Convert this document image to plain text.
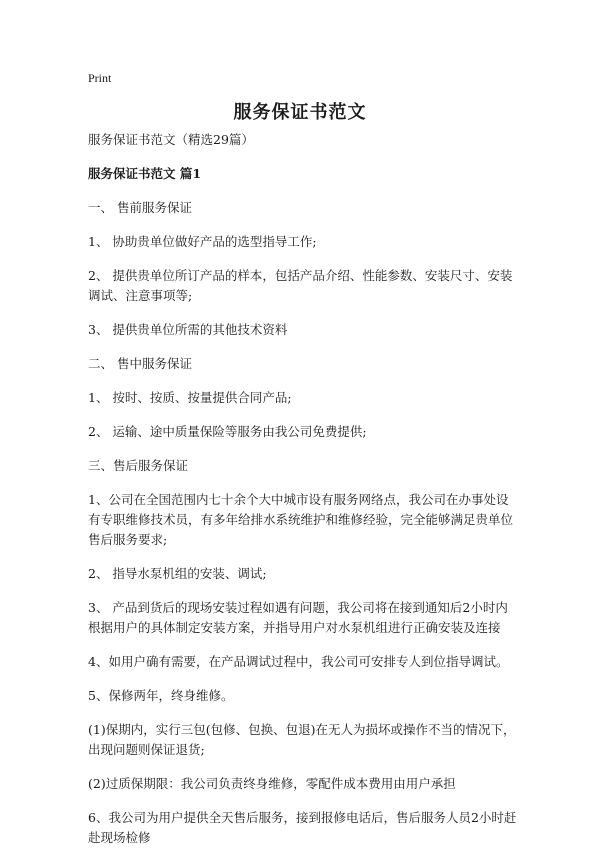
Print
服务保证书范文

服务保证书范文（精选29篇）

服务保证书范文 篇1

一、 售前服务保证

1、 协助贵单位做好产品的选型指导工作;

2、 提供贵单位所订产品的样本，包括产品介绍、性能参数、安装尺寸、安装调试、注意事项等;

3、 提供贵单位所需的其他技术资料

二、 售中服务保证

1、 按时、按质、按量提供合同产品;

2、 运输、途中质量保险等服务由我公司免费提供;

三、售后服务保证

1、公司在全国范围内七十余个大中城市设有服务网络点，我公司在办事处设有专职维修技术员，有多年给排水系统维护和维修经验，完全能够满足贵单位售后服务要求;

2、 指导水泵机组的安装、调试;

3、 产品到货后的现场安装过程如遇有问题，我公司将在接到通知后2小时内根据用户的具体制定安装方案，并指导用户对水泵机组进行正确安装及连接

4、如用户确有需要，在产品调试过程中，我公司可安排专人到位指导调试。

5、保修两年，终身维修。

(1)保期内，实行三包(包修、包换、包退)在无人为损坏或操作不当的情况下，出现问题则保证退货;

(2)过质保期限：我公司负责终身维修，零配件成本费用由用户承担

6、我公司为用户提供全天售后服务，接到报修电话后，售后服务人员2小时赶赴现场检修
